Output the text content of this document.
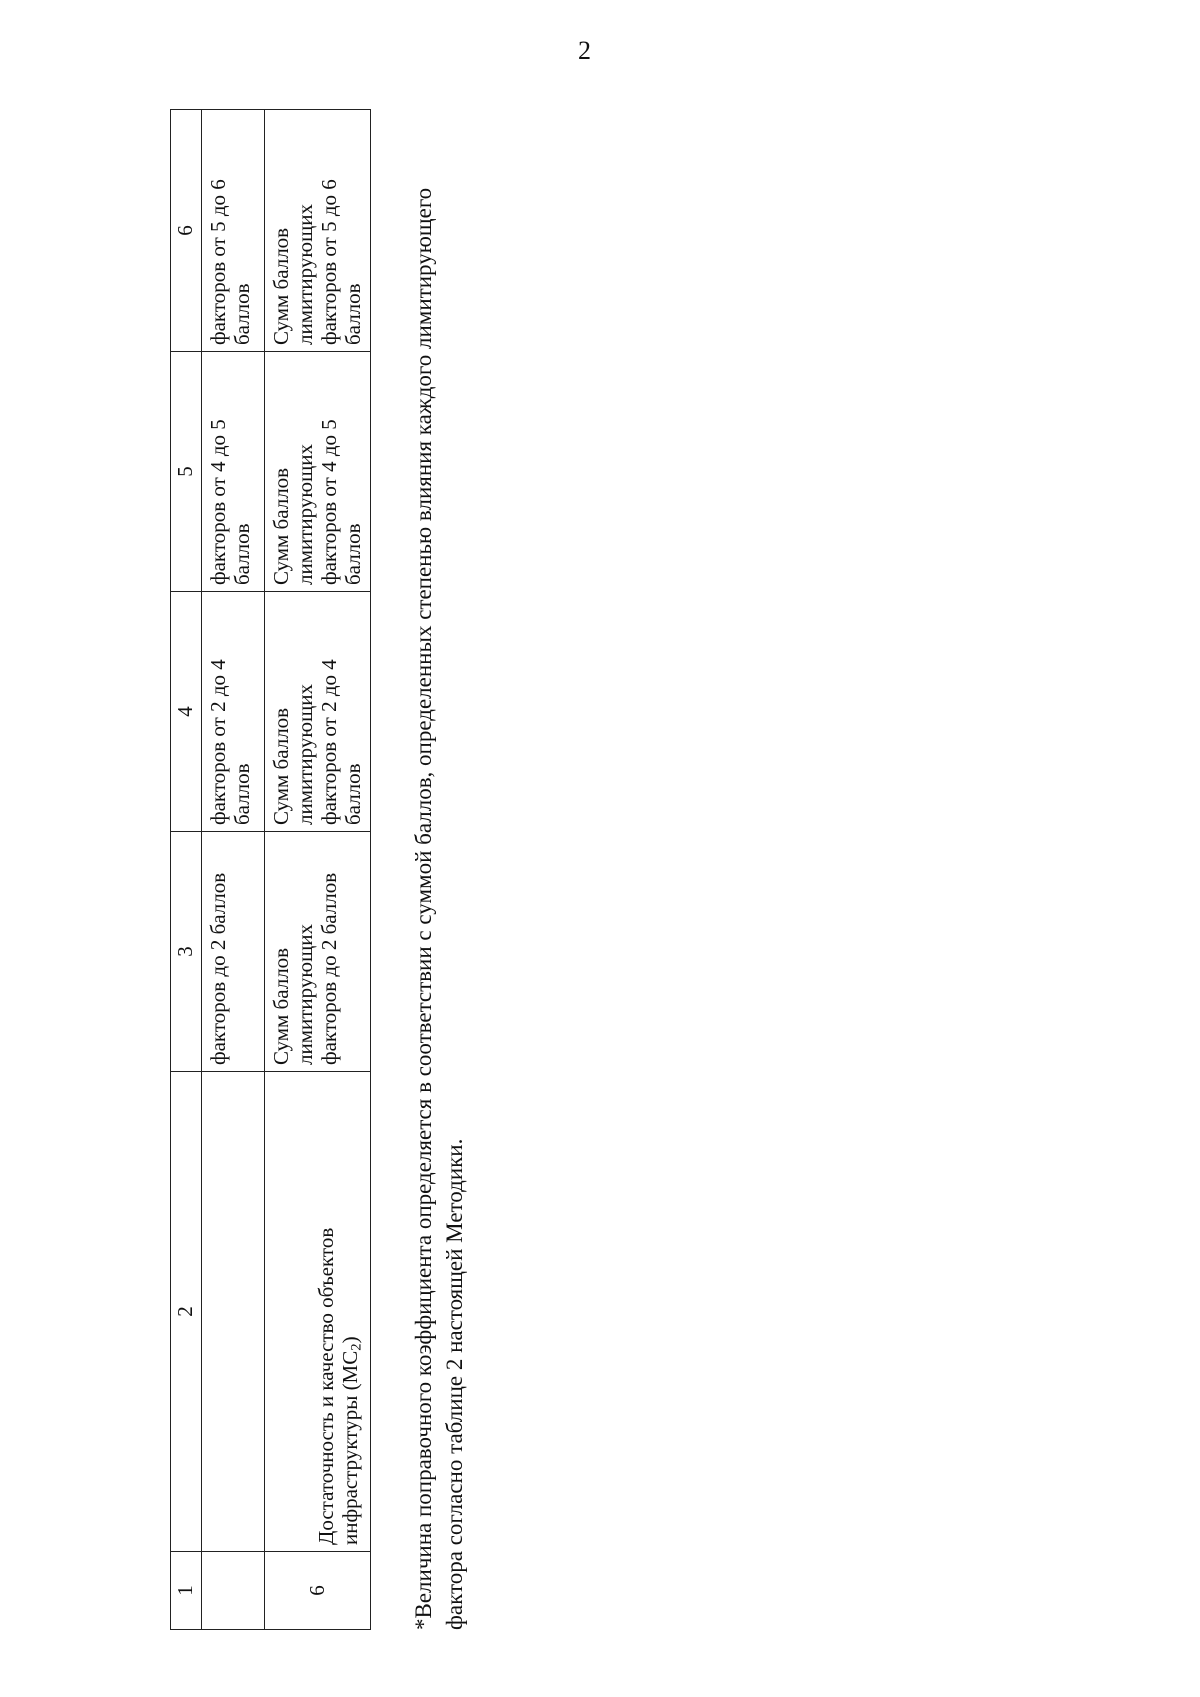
2
1	2	3	4	5	6
		факторов до 2 баллов	факторов от 2 до 4 баллов	факторов от 4 до 5 баллов	факторов от 5 до 6 баллов
6	Достаточность и качество объектов инфраструктуры $(МС_2)$	Сумм баллов лимитирующих факторов до 2 баллов	Сумм баллов лимитирующих факторов от 2 до 4 баллов	Сумм баллов лимитирующих факторов от 4 до 5 баллов	Сумм баллов лимитирующих факторов от 5 до 6 баллов *Величина поправочного коэффициента определяется в соответствии с суммой баллов, определенных степенью влияния каждого лимитирующего фактора согласно таблице 2 настоящей Методики.
